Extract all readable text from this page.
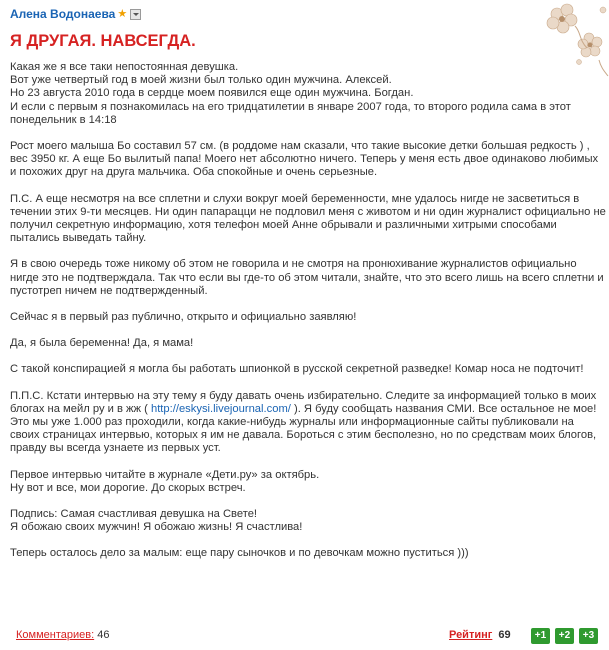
Алена Водонаева ★
Я ДРУГАЯ. НАВСЕГДА.

Какая же я все таки непостоянная девушка.
Вот уже четвертый год в моей жизни был только один мужчина. Алексей.
Но 23 августа 2010 года в сердце моем появился еще один мужчина. Богдан.
И если с первым я познакомилась на его тридцатилетии в январе 2007 года, то второго родила сама в этот понедельник в 14:18

Рост моего малыша Бо составил 57 см. (в роддоме нам сказали, что такие высокие детки большая редкость ) , вес 3950 кг. А еще Бо вылитый папа! Моего нет абсолютно ничего. Теперь у меня есть двое одинаково любимых и похожих друг на друга мальчика. Оба спокойные и очень серьезные.

П.С. А еще несмотря на все сплетни и слухи вокруг моей беременности, мне удалось нигде не засветиться в течении этих 9-ти месяцев. Ни один папарацци не подловил меня с животом и ни один журналист официально не получил секретную информацию, хотя телефон моей Анне обрывали и различными хитрыми способами пытались выведать тайну.

Я в свою очередь тоже никому об этом не говорила и не смотря на пронюхивание журналистов официально нигде это не подтверждала. Так что если вы где-то об этом читали, знайте, что это всего лишь на всего сплетни и пустотреп ничем не подтвержденный.

Сейчас я в первый раз публично, открыто и официально заявляю!

Да, я была беременна! Да, я мама!

С такой конспирацией я могла бы работать шпионкой в русской секретной разведке! Комар носа не подточит!

П.П.С. Кстати интервью на эту тему я буду давать очень избирательно. Следите за информацией только в моих блогах на мейл ру и в жж ( http://eskysi.livejournal.com/ ). Я буду сообщать названия СМИ. Все остальное не мое! Это мы уже 1.000 раз проходили, когда какие-нибудь журналы или информационные сайты публиковали на своих страницах интервью, которых я им не давала. Бороться с этим бесполезно, но по средствам моих блогов, правду вы всегда узнаете из первых уст.

Первое интервью читайте в журнале «Дети.ру» за октябрь.
Ну вот и все, мои дорогие. До скорых встреч.

Подпись: Самая счастливая девушка на Свете!
Я обожаю своих мужчин! Я обожаю жизнь! Я счастлива!

Теперь осталось дело за малым: еще пару сыночков и по девочкам можно пуститься )))

Комментариев: 46	Рейтинг 69	+1	+2	+3
